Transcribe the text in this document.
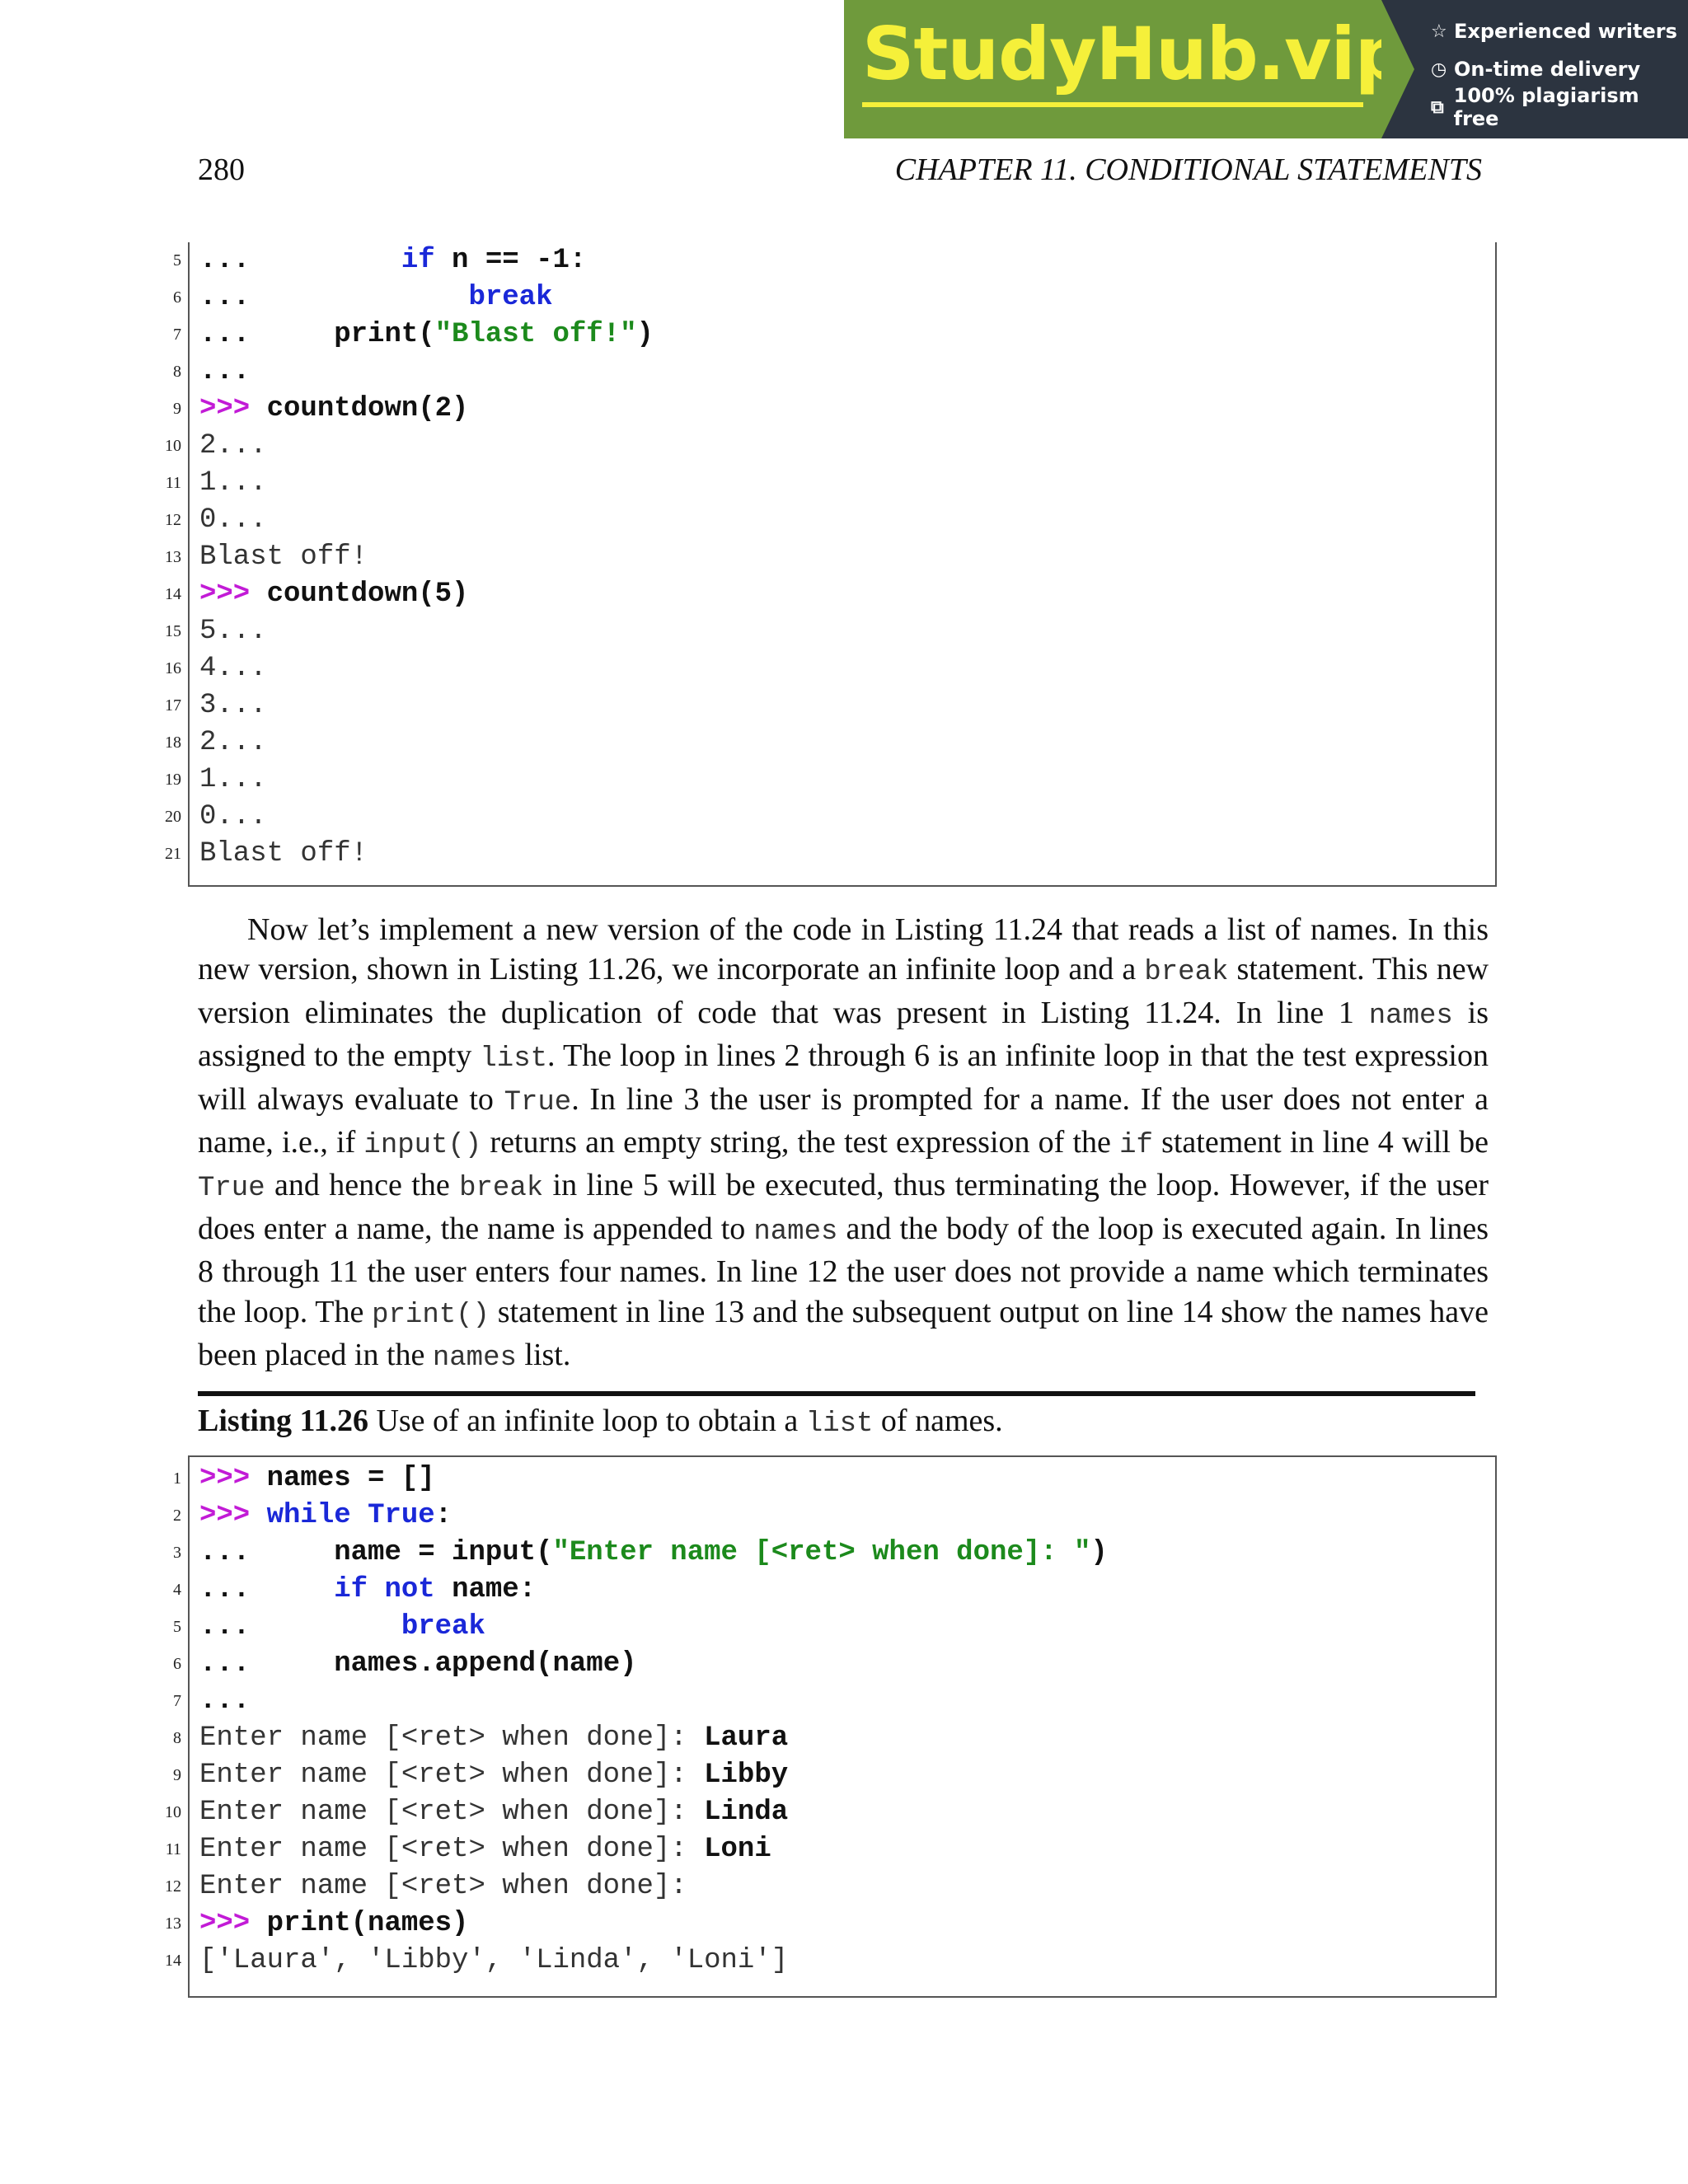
StudyHub.vip ☆ Experienced writers
◷ On-time delivery
⧉ 100% plagiarism free
280	CHAPTER 11. CONDITIONAL STATEMENTS
5 ...         if n == -1:
6 ...             break
7 ...     print("Blast off!")
8 ...
9 >>> countdown(2)
10 2...
11 1...
12 0...
13 Blast off!
14 >>> countdown(5)
15 5...
16 4...
17 3...
18 2...
19 1...
20 0...
21 Blast off!
Now let’s implement a new version of the code in Listing 11.24 that reads a list of names. In this new version, shown in Listing 11.26, we incorporate an infinite loop and a break statement. This new version eliminates the duplication of code that was present in Listing 11.24. In line 1 names is assigned to the empty list. The loop in lines 2 through 6 is an infinite loop in that the test expression will always evaluate to True. In line 3 the user is prompted for a name. If the user does not enter a name, i.e., if input() returns an empty string, the test expression of the if statement in line 4 will be True and hence the break in line 5 will be executed, thus terminating the loop. However, if the user does enter a name, the name is appended to names and the body of the loop is executed again. In lines 8 through 11 the user enters four names. In line 12 the user does not provide a name which terminates the loop. The print() statement in line 13 and the subsequent output on line 14 show the names have been placed in the names list.
Listing 11.26 Use of an infinite loop to obtain a list of names.
1 >>> names = []
2 >>> while True:
3 ...     name = input("Enter name [<ret> when done]: ")
4 ...     if not name:
5 ...         break
6 ...     names.append(name)
7 ...
8 Enter name [<ret> when done]: Laura
9 Enter name [<ret> when done]: Libby
10 Enter name [<ret> when done]: Linda
11 Enter name [<ret> when done]: Loni
12 Enter name [<ret> when done]:
13 >>> print(names)
14 ['Laura', 'Libby', 'Linda', 'Loni']
